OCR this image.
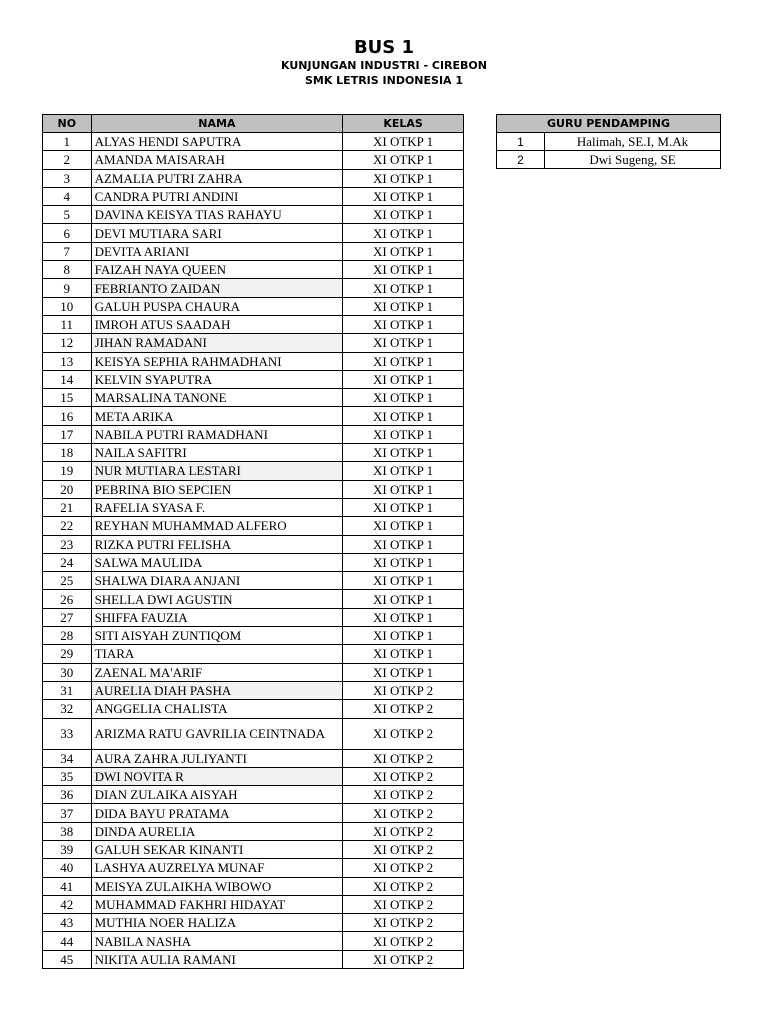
BUS 1
KUNJUNGAN INDUSTRI - CIREBON
SMK LETRIS INDONESIA 1
NO	NAMA	KELAS
1	ALYAS HENDI SAPUTRA	XI OTKP 1
2	AMANDA MAISARAH	XI OTKP 1
3	AZMALIA PUTRI ZAHRA	XI OTKP 1
4	CANDRA PUTRI ANDINI	XI OTKP 1
5	DAVINA KEISYA TIAS RAHAYU	XI OTKP 1
6	DEVI MUTIARA SARI	XI OTKP 1
7	DEVITA ARIANI	XI OTKP 1
8	FAIZAH NAYA QUEEN	XI OTKP 1
9	FEBRIANTO ZAIDAN	XI OTKP 1
10	GALUH PUSPA CHAURA	XI OTKP 1
11	IMROH ATUS SAADAH	XI OTKP 1
12	JIHAN RAMADANI	XI OTKP 1
13	KEISYA SEPHIA RAHMADHANI	XI OTKP 1
14	KELVIN SYAPUTRA	XI OTKP 1
15	MARSALINA TANONE	XI OTKP 1
16	META ARIKA	XI OTKP 1
17	NABILA PUTRI RAMADHANI	XI OTKP 1
18	NAILA SAFITRI	XI OTKP 1
19	NUR MUTIARA LESTARI	XI OTKP 1
20	PEBRINA BIO SEPCIEN	XI OTKP 1
21	RAFELIA SYASA F.	XI OTKP 1
22	REYHAN MUHAMMAD ALFERO	XI OTKP 1
23	RIZKA PUTRI FELISHA	XI OTKP 1
24	SALWA MAULIDA	XI OTKP 1
25	SHALWA DIARA ANJANI	XI OTKP 1
26	SHELLA DWI AGUSTIN	XI OTKP 1
27	SHIFFA FAUZIA	XI OTKP 1
28	SITI AISYAH ZUNTIQOM	XI OTKP 1
29	TIARA	XI OTKP 1
30	ZAENAL MA'ARIF	XI OTKP 1
31	AURELIA DIAH PASHA	XI OTKP 2
32	ANGGELIA CHALISTA	XI OTKP 2
33	ARIZMA RATU GAVRILIA CEINTNADA	XI OTKP 2
34	AURA ZAHRA JULIYANTI	XI OTKP 2
35	DWI NOVITA R	XI OTKP 2
36	DIAN ZULAIKA AISYAH	XI OTKP 2
37	DIDA BAYU PRATAMA	XI OTKP 2
38	DINDA AURELIA	XI OTKP 2
39	GALUH SEKAR KINANTI	XI OTKP 2
40	LASHYA AUZRELYA MUNAF	XI OTKP 2
41	MEISYA ZULAIKHA WIBOWO	XI OTKP 2
42	MUHAMMAD FAKHRI HIDAYAT	XI OTKP 2
43	MUTHIA NOER HALIZA	XI OTKP 2
44	NABILA NASHA	XI OTKP 2
45	NIKITA AULIA RAMANI	XI OTKP 2
GURU PENDAMPING	
1	Halimah, SE.I, M.Ak
2	Dwi Sugeng, SE
